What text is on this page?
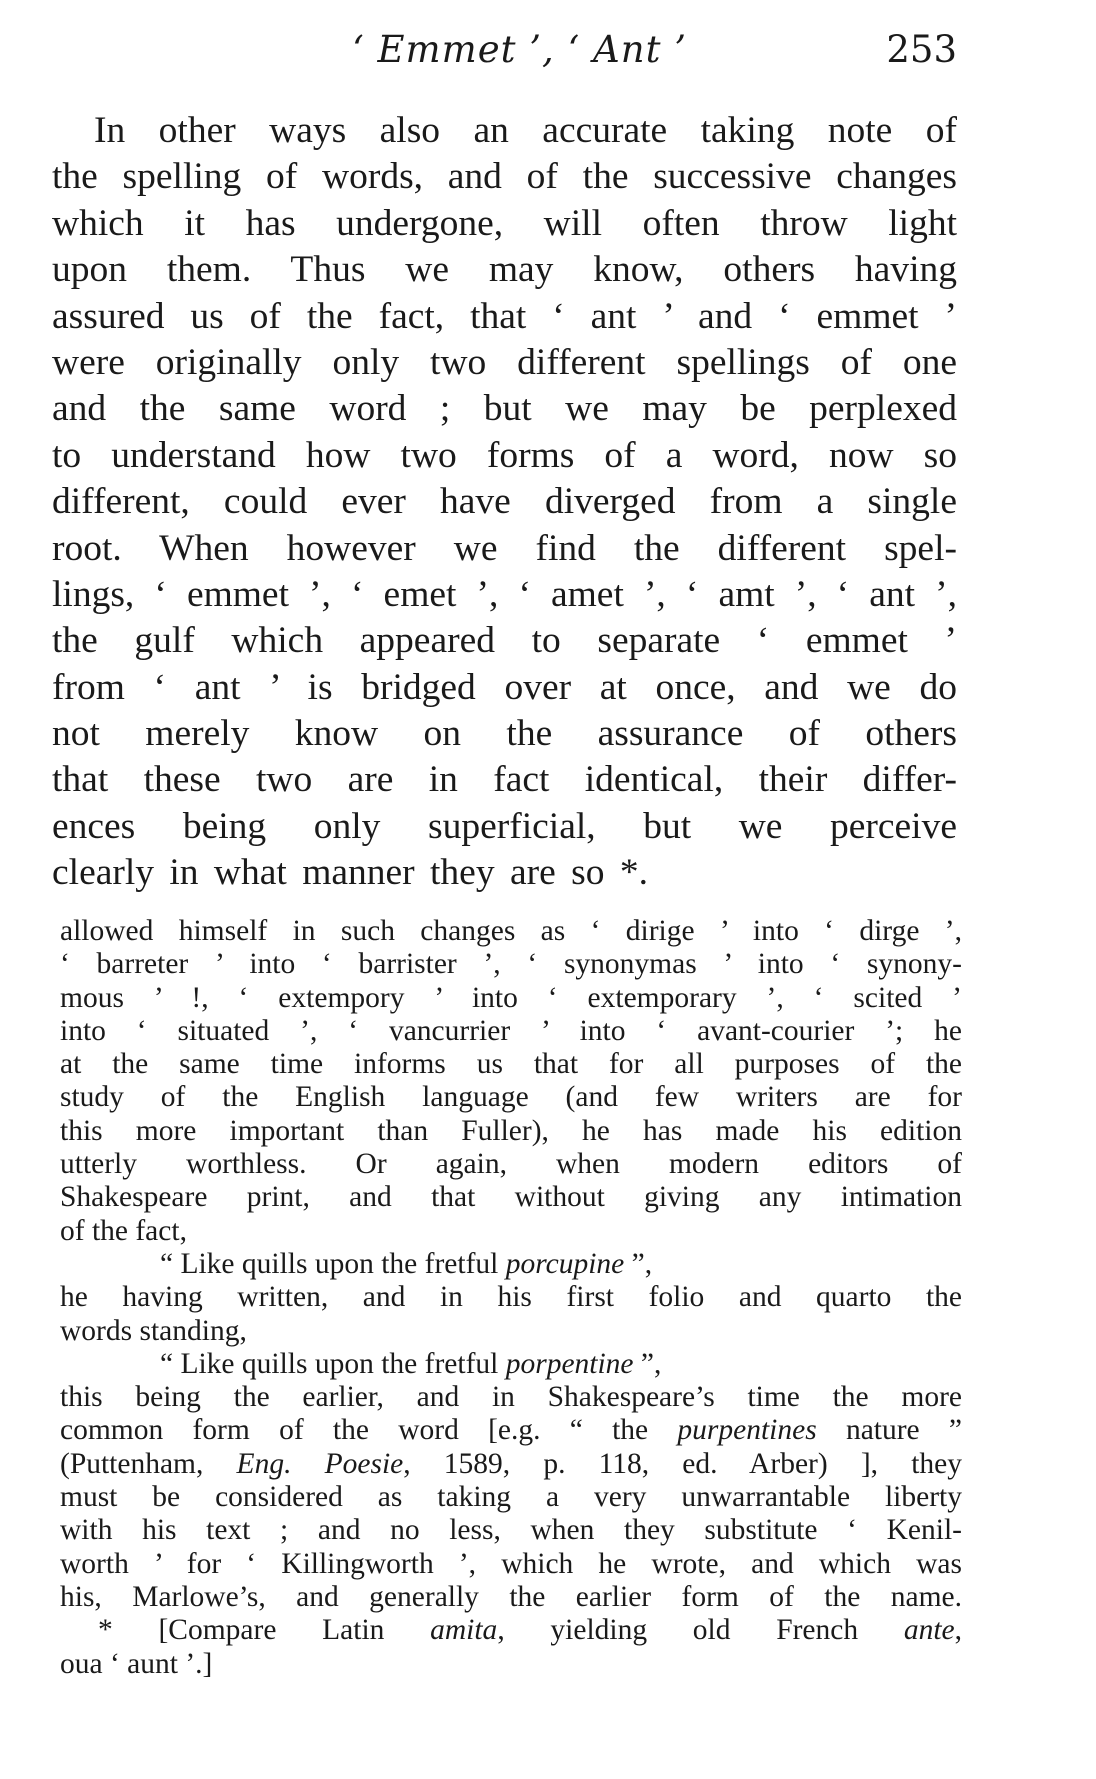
‘ Emmet ’, ‘ Ant ’	253
In other ways also an accurate taking note of
the spelling of words, and of the successive changes
which it has undergone, will often throw light
upon them. Thus we may know, others having
assured us of the fact, that ‘ ant ’ and ‘ emmet ’
were originally only two different spellings of one
and the same word ; but we may be perplexed
to understand how two forms of a word, now so
different, could ever have diverged from a single
root. When however we find the different spel-
lings, ‘ emmet ’, ‘ emet ’, ‘ amet ’, ‘ amt ’, ‘ ant ’,
the gulf which appeared to separate ‘ emmet ’
from ‘ ant ’ is bridged over at once, and we do
not merely know on the assurance of others
that these two are in fact identical, their differ-
ences being only superficial, but we perceive
clearly in what manner they are so *.
allowed himself in such changes as ‘ dirige ’ into ‘ dirge ’,
‘ barreter ’ into ‘ barrister ’, ‘ synonymas ’ into ‘ synony-
mous ’ !, ‘ extempory ’ into ‘ extemporary ’, ‘ scited ’
into ‘ situated ’, ‘ vancurrier ’ into ‘ avant-courier ’; he
at the same time informs us that for all purposes of the
study of the English language (and few writers are for
this more important than Fuller), he has made his edition
utterly worthless. Or again, when modern editors of
Shakespeare print, and that without giving any intimation
of the fact,
“ Like quills upon the fretful porcupine ”,
he having written, and in his first folio and quarto the
words standing,
“ Like quills upon the fretful porpentine ”,
this being the earlier, and in Shakespeare’s time the more
common form of the word [e.g. “ the purpentines nature ”
(Puttenham, Eng. Poesie, 1589, p. 118, ed. Arber) ], they
must be considered as taking a very unwarrantable liberty
with his text ; and no less, when they substitute ‘ Kenil-
worth ’ for ‘ Killingworth ’, which he wrote, and which was
his, Marlowe’s, and generally the earlier form of the name.
* [Compare Latin amita, yielding old French ante,
oua ‘ aunt ’.]
